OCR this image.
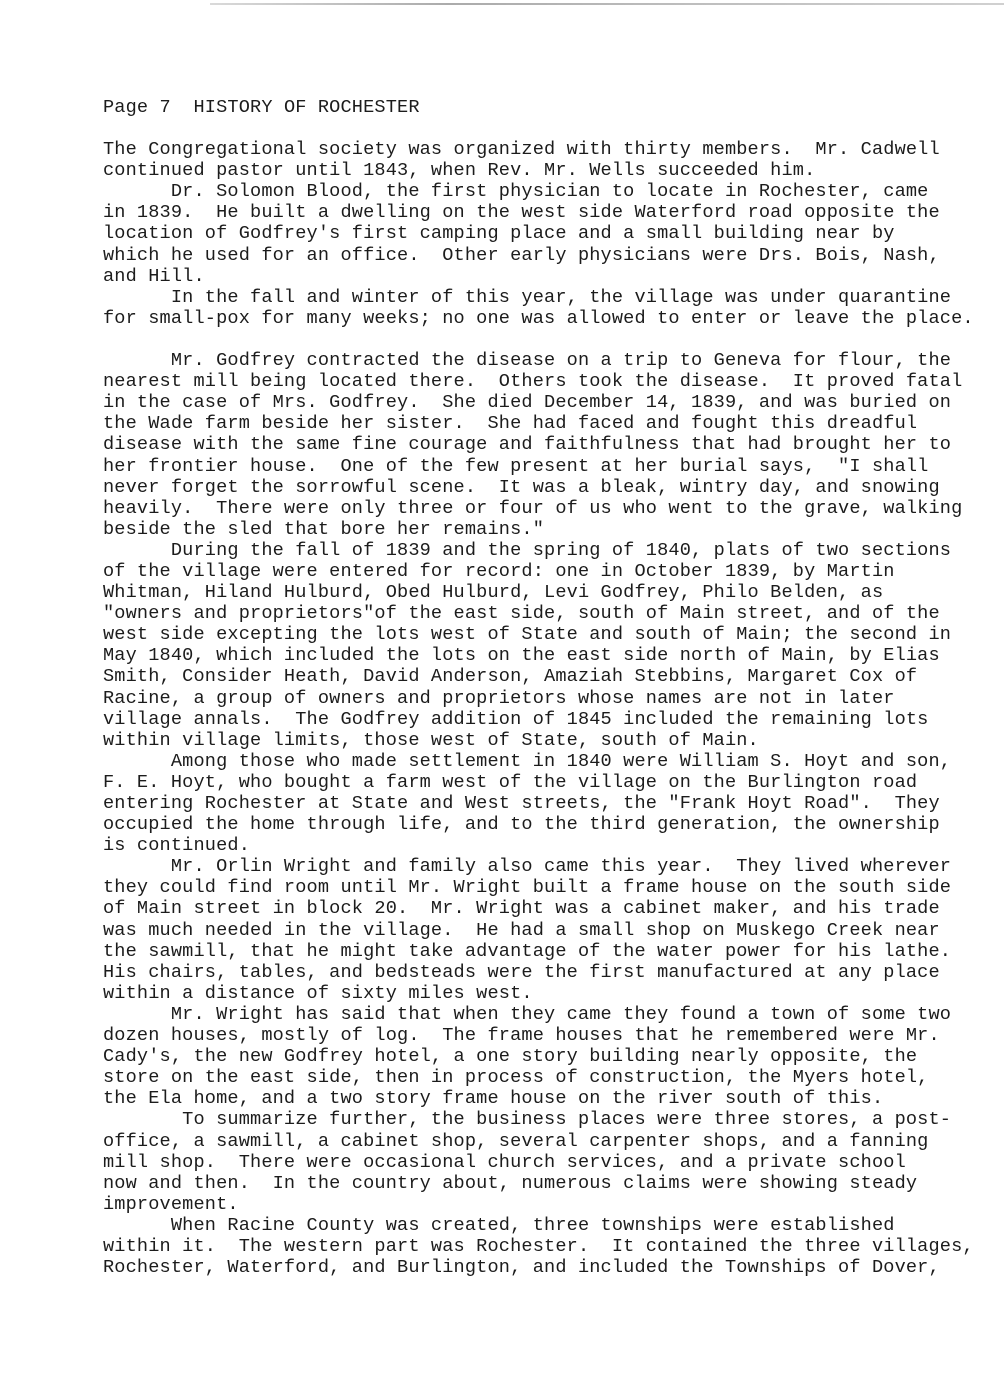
Page 7 HISTORY OF ROCHESTER
The Congregational society was organized with thirty members.  Mr. Cadwell
continued pastor until 1843, when Rev. Mr. Wells succeeded him.
Dr. Solomon Blood, the first physician to locate in Rochester, came
in 1839.  He built a dwelling on the west side Waterford road opposite the
location of Godfrey's first camping place and a small building near by
which he used for an office.  Other early physicians were Drs. Bois, Nash,
and Hill.
In the fall and winter of this year, the village was under quarantine
for small-pox for many weeks; no one was allowed to enter or leave the place.
Mr. Godfrey contracted the disease on a trip to Geneva for flour, the
nearest mill being located there.  Others took the disease.  It proved fatal
in the case of Mrs. Godfrey.  She died December 14, 1839, and was buried on
the Wade farm beside her sister.  She had faced and fought this dreadful
disease with the same fine courage and faithfulness that had brought her to
her frontier house.  One of the few present at her burial says,  "I shall
never forget the sorrowful scene.  It was a bleak, wintry day, and snowing
heavily.  There were only three or four of us who went to the grave, walking
beside the sled that bore her remains."
During the fall of 1839 and the spring of 1840, plats of two sections
of the village were entered for record: one in October 1839, by Martin
Whitman, Hiland Hulburd, Obed Hulburd, Levi Godfrey, Philo Belden, as
"owners and proprietors"of the east side, south of Main street, and of the
west side excepting the lots west of State and south of Main; the second in
May 1840, which included the lots on the east side north of Main, by Elias
Smith, Consider Heath, David Anderson, Amaziah Stebbins, Margaret Cox of
Racine, a group of owners and proprietors whose names are not in later
village annals.  The Godfrey addition of 1845 included the remaining lots
within village limits, those west of State, south of Main.
Among those who made settlement in 1840 were William S. Hoyt and son,
F. E. Hoyt, who bought a farm west of the village on the Burlington road
entering Rochester at State and West streets, the "Frank Hoyt Road".  They
occupied the home through life, and to the third generation, the ownership
is continued.
Mr. Orlin Wright and family also came this year.  They lived wherever
they could find room until Mr. Wright built a frame house on the south side
of Main street in block 20.  Mr. Wright was a cabinet maker, and his trade
was much needed in the village.  He had a small shop on Muskego Creek near
the sawmill, that he might take advantage of the water power for his lathe.
His chairs, tables, and bedsteads were the first manufactured at any place
within a distance of sixty miles west.
Mr. Wright has said that when they came they found a town of some two
dozen houses, mostly of log.  The frame houses that he remembered were Mr.
Cady's, the new Godfrey hotel, a one story building nearly opposite, the
store on the east side, then in process of construction, the Myers hotel,
the Ela home, and a two story frame house on the river south of this.
To summarize further, the business places were three stores, a post-
office, a sawmill, a cabinet shop, several carpenter shops, and a fanning
mill shop.  There were occasional church services, and a private school
now and then.  In the country about, numerous claims were showing steady
improvement.
When Racine County was created, three townships were established
within it.  The western part was Rochester.  It contained the three villages,
Rochester, Waterford, and Burlington, and included the Townships of Dover,
